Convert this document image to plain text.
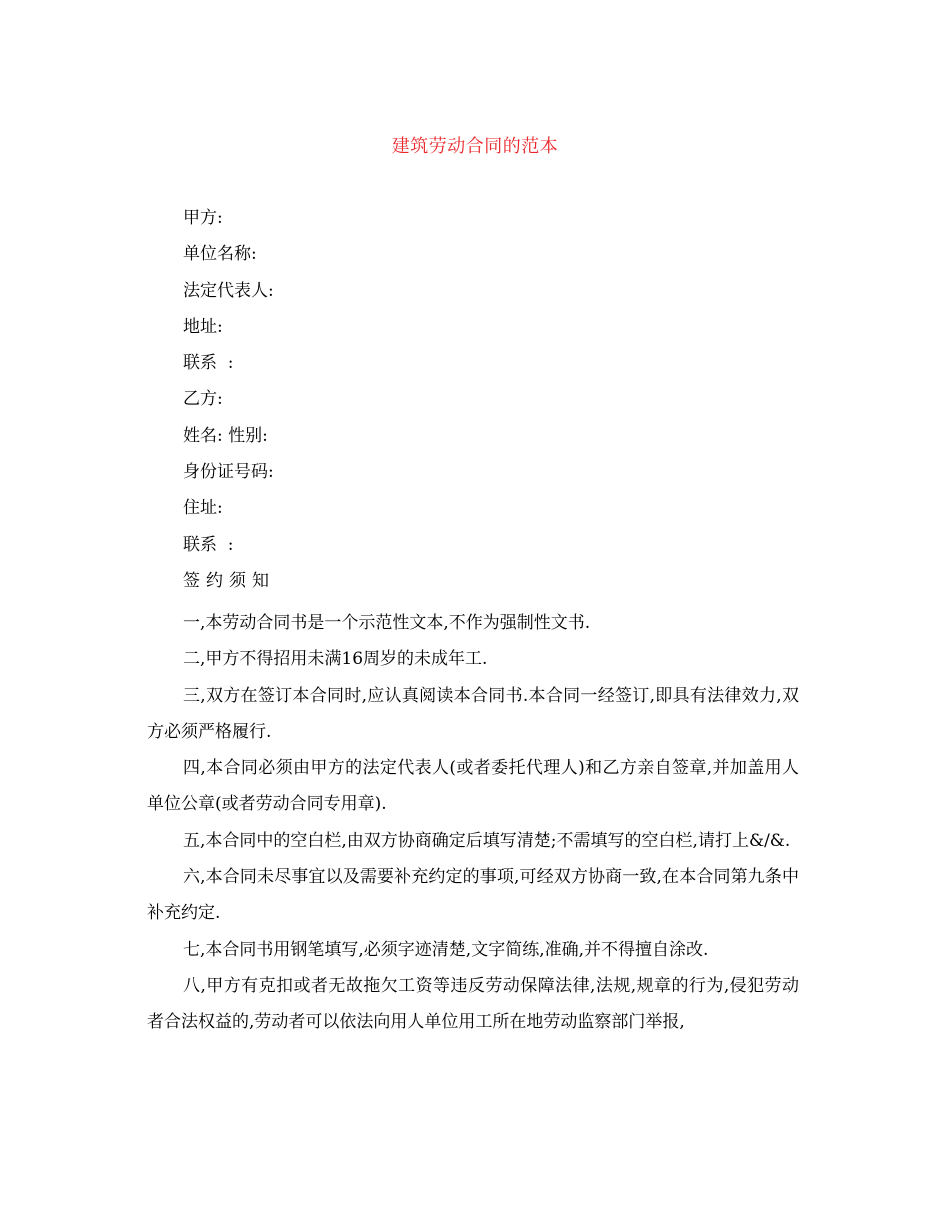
建筑劳动合同的范本
甲方:
单位名称:
法定代表人:
地址:
联系  :
乙方:
姓名: 性别:
身份证号码:
住址:
联系  :
签约须知

一,本劳动合同书是一个示范性文本,不作为强制性文书.

二,甲方不得招用未满16周岁的未成年工.

三,双方在签订本合同时,应认真阅读本合同书.本合同一经签订,即具有法律效力,双方必须严格履行.

四,本合同必须由甲方的法定代表人(或者委托代理人)和乙方亲自签章,并加盖用人单位公章(或者劳动合同专用章).

五,本合同中的空白栏,由双方协商确定后填写清楚;不需填写的空白栏,请打上&/&.

六,本合同未尽事宜以及需要补充约定的事项,可经双方协商一致,在本合同第九条中补充约定.

七,本合同书用钢笔填写,必须字迹清楚,文字简练,准确,并不得擅自涂改.

八,甲方有克扣或者无故拖欠工资等违反劳动保障法律,法规,规章的行为,侵犯劳动者合法权益的,劳动者可以依法向用人单位用工所在地劳动监察部门举报,
